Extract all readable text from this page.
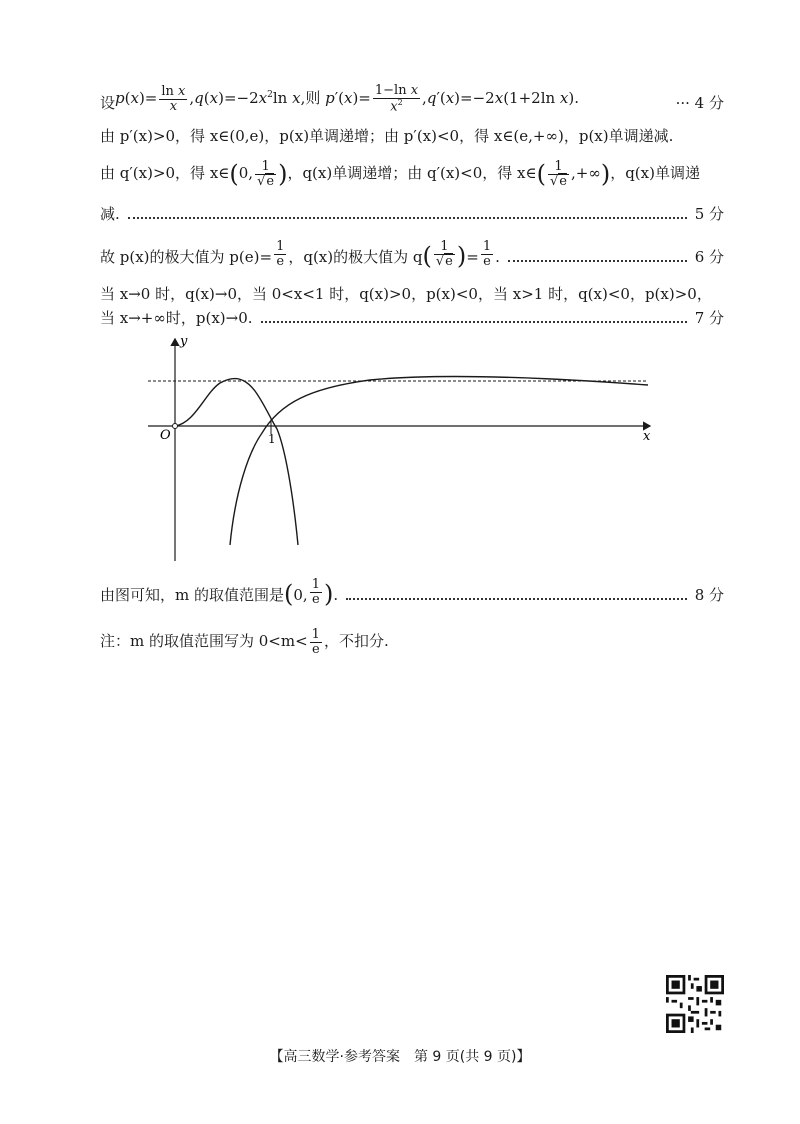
设 $p(x)= \frac{\text{ln x}}{x} ,q(x)=-2x^2\ln$ x,则 $p'(x)= \frac{\text{1−ln x}}{x^2} ,q'(x)=-2x(1+2\ln$ x).	··· 4 分
由 p′(x)>0，得 x∈(0,e)，p(x)单调递增；由 p′(x)<0，得 x∈(e,+∞)，p(x)单调递减.
由 q′(x)>0，得 x∈(0, $\frac{1}{√e}$ )，q(x)单调递增；由 q′(x)<0，得 x∈( $\frac{1}{√e}$ ,+∞)，q(x)单调递
减.	5 分
故 p(x)的极大值为 $p(e)= \frac{1}{e}$ ，q(x)的极大值为 q ( $\frac{1}{√e}$ ) = $\frac{1}{e}$ .	6 分
当 x→0 时，q(x)→0，当 0<x<1 时，q(x)>0，p(x)<0，当 x>1 时，q(x)<0，p(x)>0，
当 x→+∞时，p(x)→0.	7 分
y
x
O	1
由图可知，m 的取值范围是 ( 0, $\frac{1}{e}$ ) .	8 分
注：m 的取值范围写为 $0<m< \frac{1}{e}$ ，不扣分.
【高三数学·参考答案　第 9 页(共 9 页)】
